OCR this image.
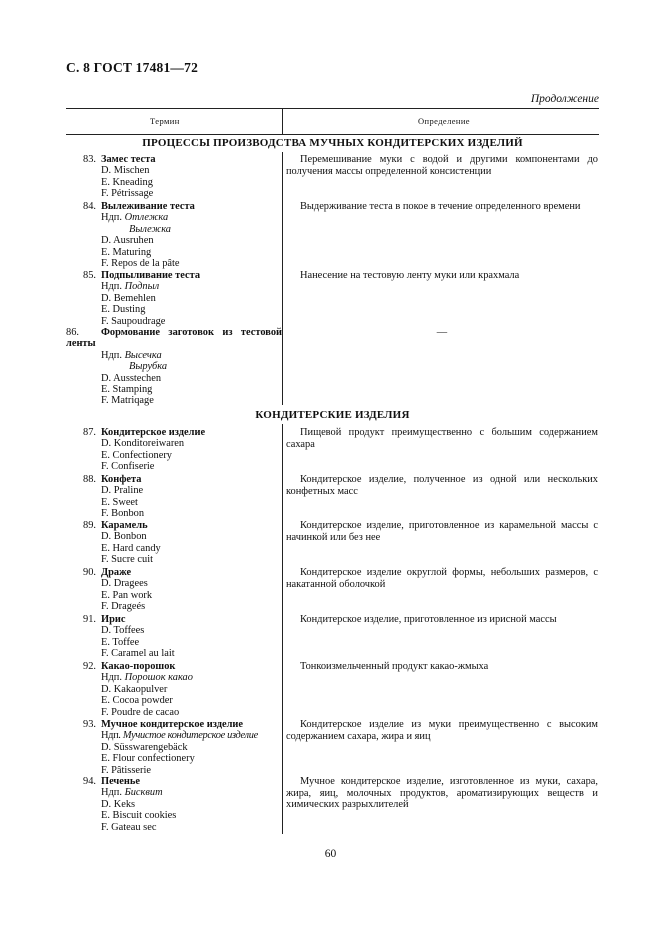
С. 8 ГОСТ 17481—72
Продолжение
Термин	Определение
ПРОЦЕССЫ ПРОИЗВОДСТВА МУЧНЫХ КОНДИТЕРСКИХ ИЗДЕЛИЙ
83. Замес теста
D. Mischen
E. Kneading
F. Pétrissage
Перемешивание муки с водой и другими компонентами до получения массы определенной консистенции
84. Вылеживание теста
Ндп. Отлежка
Вылежка
D. Ausruhen
E. Maturing
F. Repos de la pâte
Выдерживание теста в покое в течение определенного времени
85. Подпыливание теста
Ндп. Подпыл
D. Bemehlen
E. Dusting
F. Saupoudrage
Нанесение на тестовую ленту муки или крахмала
86. Формование заготовок из тестовой
ленты
Ндп. Высечка
Вырубка
D. Ausstechen
E. Stamping
F. Matriqage
—
КОНДИТЕРСКИЕ ИЗДЕЛИЯ
87. Кондитерское изделие
D. Konditoreiwaren
E. Confectionery
F. Confiserie
Пищевой продукт преимущественно с большим содержанием сахара
88. Конфета
D. Praline
E. Sweet
F. Bonbon
Кондитерское изделие, полученное из одной или нескольких конфетных масс
89. Карамель
D. Bonbon
E. Hard candy
F. Sucre cuit
Кондитерское изделие, приготовленное из карамельной массы с начинкой или без нее
90. Драже
D. Dragees
E. Pan work
F. Drageés
Кондитерское изделие округлой формы, небольших размеров, с накатанной оболочкой
91. Ирис
D. Toffees
E. Toffee
F. Caramel au lait
Кондитерское изделие, приготовленное из ирисной массы
92. Какао-порошок
Ндп. Порошок какао
D. Kakaopulver
E. Cocoa powder
F. Poudre de cacao
Тонкоизмельченный продукт какао-жмыха
93. Мучное кондитерское изделие
Ндп. Мучистое кондитерское изделие
D. Süsswarengebäck
E. Flour confectionery
F. Pâtisserie
Кондитерское изделие из муки преимущественно с высоким содержанием сахара, жира и яиц
94. Печенье
Ндп. Бисквит
D. Keks
E. Biscuit cookies
F. Gateau sec
Мучное кондитерское изделие, изготовленное из муки, сахара, жира, яиц, молочных продуктов, ароматизирующих веществ и химических разрыхлителей
60
